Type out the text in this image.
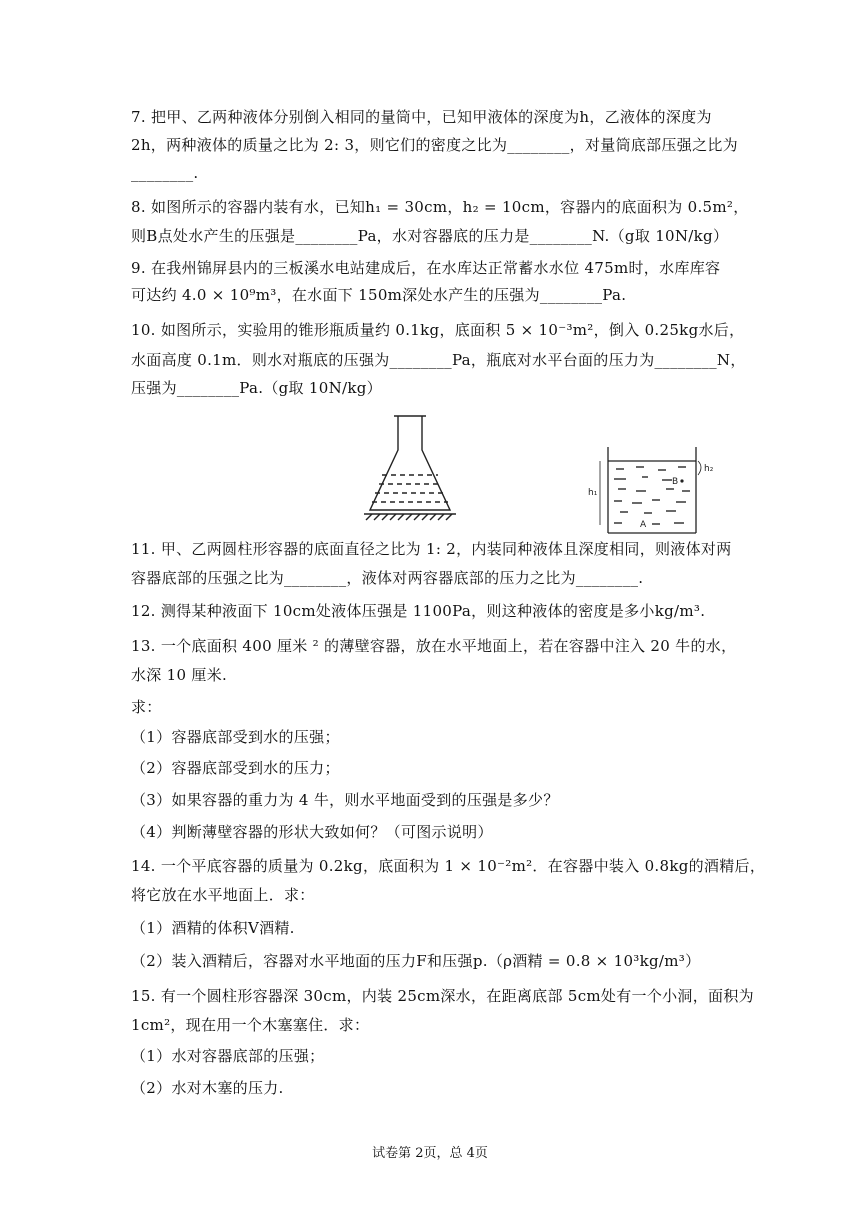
7. 把甲、乙两种液体分别倒入相同的量筒中，已知甲液体的深度为h，乙液体的深度为
2h，两种液体的质量之比为 2: 3，则它们的密度之比为________，对量筒底部压强之比为
________.
8. 如图所示的容器内装有水，已知h₁ = 30cm，h₂ = 10cm，容器内的底面积为 0.5m²，
则B点处水产生的压强是________Pa，水对容器底的压力是________N.（g取 10N/kg）
9. 在我州锦屏县内的三板溪水电站建成后，在水库达正常蓄水水位 475m时，水库库容
可达约 4.0 × 10⁹m³，在水面下 150m深处水产生的压强为________Pa.
10. 如图所示，实验用的锥形瓶质量约 0.1kg，底面积 5 × 10⁻³m²，倒入 0.25kg水后，
水面高度 0.1m．则水对瓶底的压强为________Pa，瓶底对水平台面的压力为________N，
压强为________Pa.（g取 10N/kg）
h₂
h₁
B
A
11. 甲、乙两圆柱形容器的底面直径之比为 1: 2，内装同种液体且深度相同，则液体对两
容器底部的压强之比为________，液体对两容器底部的压力之比为________.
12. 测得某种液面下 10cm处液体压强是 1100Pa，则这种液体的密度是多小kg/m³.
13. 一个底面积 400 厘米 ² 的薄壁容器，放在水平地面上，若在容器中注入 20 牛的水，
水深 10 厘米.
求：
（1）容器底部受到水的压强；
（2）容器底部受到水的压力；
（3）如果容器的重力为 4 牛，则水平地面受到的压强是多少？
（4）判断薄壁容器的形状大致如何？（可图示说明）
14. 一个平底容器的质量为 0.2kg，底面积为 1 × 10⁻²m²．在容器中装入 0.8kg的酒精后，
将它放在水平地面上．求：
（1）酒精的体积V酒精.
（2）装入酒精后，容器对水平地面的压力F和压强p.（ρ酒精 = 0.8 × 10³kg/m³）
15. 有一个圆柱形容器深 30cm，内装 25cm深水，在距离底部 5cm处有一个小洞，面积为
1cm²，现在用一个木塞塞住．求：
（1）水对容器底部的压强；
（2）水对木塞的压力.
试卷第 2页，总 4页
